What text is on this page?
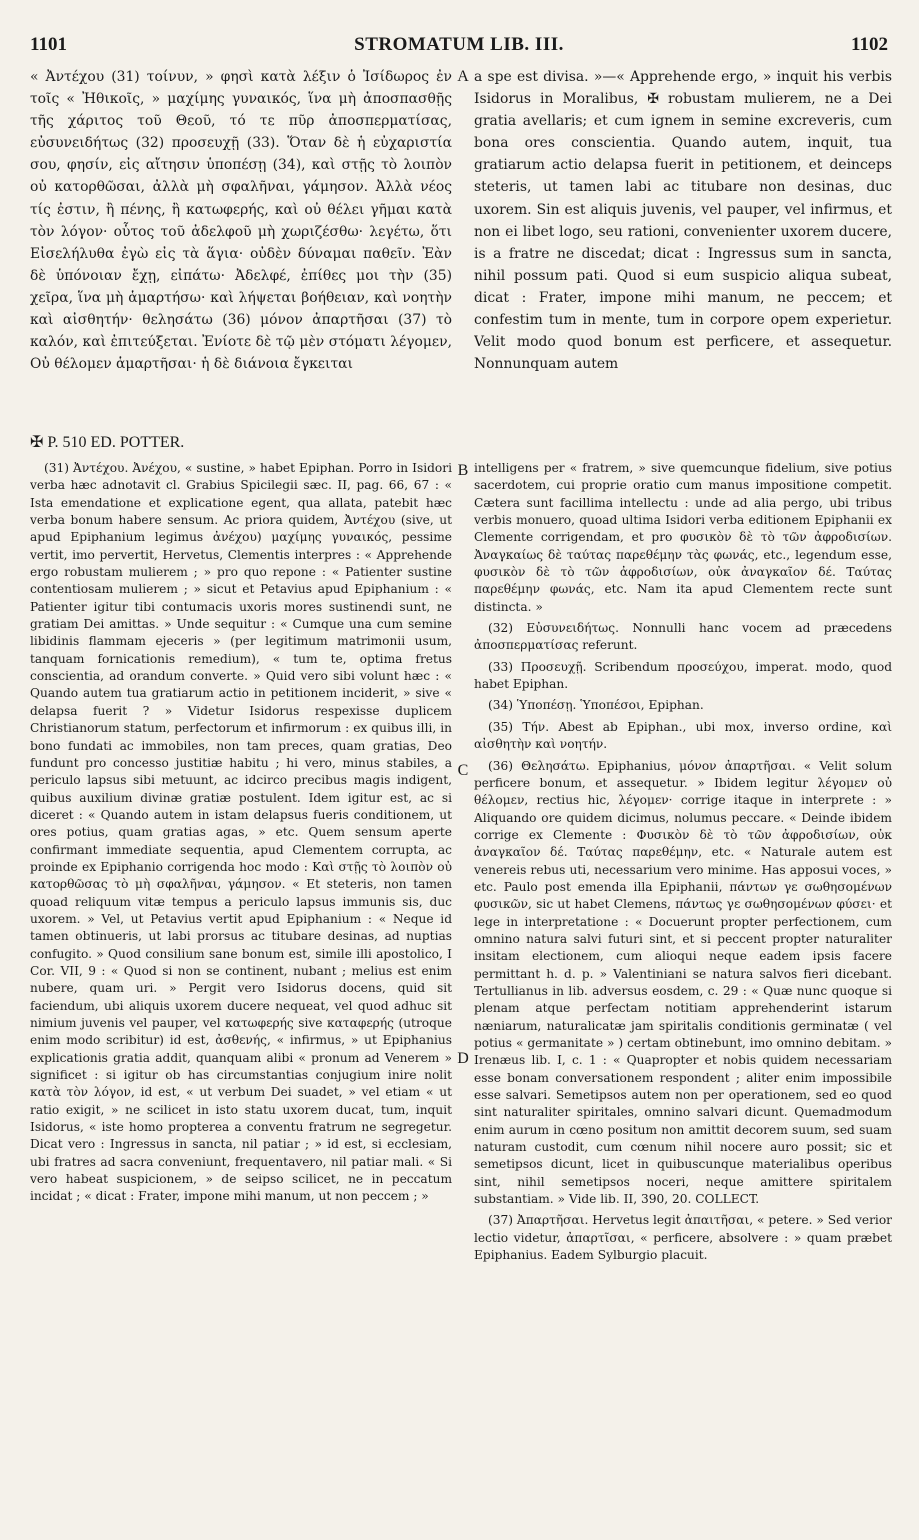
1101	STROMATUM LIB. III.	1102

« Ἀντέχου (31) τοίνυν, » φησὶ κατὰ λέξιν ὁ Ἰσίδωρος ἐν τοῖς « Ἠθικοῖς, » μαχίμης γυναικός, ἵνα μὴ ἀποσπασθῇς τῆς χάριτος τοῦ Θεοῦ, τό τε πῦρ ἀποσπερματίσας, εὐσυνειδήτως (32) προσευχῇ (33). Ὅταν δὲ ἡ εὐχαριστία σου, φησίν, εἰς αἴτησιν ὑποπέσῃ (34), καὶ στῇς τὸ λοιπὸν οὐ κατορθῶσαι, ἀλλὰ μὴ σφαλῆναι, γάμησον. Ἀλλὰ νέος τίς ἐστιν, ἢ πένης, ἢ κατωφερής, καὶ οὐ θέλει γῆμαι κατὰ τὸν λόγον· οὗτος τοῦ ἀδελφοῦ μὴ χωριζέσθω· λεγέτω, ὅτι Εἰσελήλυθα ἐγὼ εἰς τὰ ἅγια· οὐδὲν δύναμαι παθεῖν. Ἐὰν δὲ ὑπόνοιαν ἔχῃ, εἰπάτω· Ἀδελφέ, ἐπίθες μοι τὴν (35) χεῖρα, ἵνα μὴ ἁμαρτήσω· καὶ λήψεται βοήθειαν, καὶ νοητὴν καὶ αἰσθητήν· θελησάτω (36) μόνον ἀπαρτῆσαι (37) τὸ καλόν, καὶ ἐπιτεύξεται. Ἐνίοτε δὲ τῷ μὲν στόματι λέγομεν, Οὐ θέλομεν ἁμαρτῆσαι· ἡ δὲ διάνοια ἔγκειται

a spe est divisa. »—« Apprehende ergo, » inquit his verbis Isidorus in Moralibus, ✠ robustam mulierem, ne a Dei gratia avellaris; et cum ignem in semine excreveris, cum bona ores conscientia. Quando autem, inquit, tua gratiarum actio delapsa fuerit in petitionem, et deinceps steteris, ut tamen labi ac titubare non desinas, duc uxorem. Sin est aliquis juvenis, vel pauper, vel infirmus, et non ei libet logo, seu rationi, convenienter uxorem ducere, is a fratre ne discedat; dicat : Ingressus sum in sancta, nihil possum pati. Quod si eum suspicio aliqua subeat, dicat : Frater, impone mihi manum, ne peccem; et confestim tum in mente, tum in corpore opem experietur. Velit modo quod bonum est perficere, et assequetur. Nonnunquam autem

✠ P. 510 ED. POTTER.

(31) Ἀντέχου. Ἀνέχου, « sustine, » habet Epiphan. Porro in Isidori verba hæc adnotavit cl. Grabius Spicilegii sæc. II, pag. 66, 67 : « Ista emendatione et explicatione egent, qua allata, patebit hæc verba bonum habere sensum. Ac priora quidem, Ἀντέχου (sive, ut apud Epiphanium legimus ἀνέχου) μαχίμης γυναικός, pessime vertit, imo pervertit, Hervetus, Clementis interpres : « Apprehende ergo robustam mulierem ; » pro quo repone : « Patienter sustine contentiosam mulierem ; » sicut et Petavius apud Epiphanium : « Patienter igitur tibi contumacis uxoris mores sustinendi sunt, ne gratiam Dei amittas. » Unde sequitur : « Cumque una cum semine libidinis flammam ejeceris » (per legitimum matrimonii usum, tanquam fornicationis remedium), « tum te, optima fretus conscientia, ad orandum converte. » Quid vero sibi volunt hæc : « Quando autem tua gratiarum actio in petitionem inciderit, » sive « delapsa fuerit ? » Videtur Isidorus respexisse duplicem Christianorum statum, perfectorum et infirmorum : ex quibus illi, in bono fundati ac immobiles, non tam preces, quam gratias, Deo fundunt pro concesso justitiæ habitu ; hi vero, minus stabiles, a periculo lapsus sibi metuunt, ac idcirco precibus magis indigent, quibus auxilium divinæ gratiæ postulent. Idem igitur est, ac si diceret : « Quando autem in istam delapsus fueris conditionem, ut ores potius, quam gratias agas, » etc. Quem sensum aperte confirmant immediate sequentia, apud Clementem corrupta, ac proinde ex Epiphanio corrigenda hoc modo : Καὶ στῇς τὸ λοιπὸν οὐ κατορθῶσας τὸ μὴ σφαλῆναι, γάμησον. « Et steteris, non tamen quoad reliquum vitæ tempus a periculo lapsus immunis sis, duc uxorem. » Vel, ut Petavius vertit apud Epiphanium : « Neque id tamen obtinueris, ut labi prorsus ac titubare desinas, ad nuptias confugito. » Quod consilium sane bonum est, simile illi apostolico, I Cor. VII, 9 : « Quod si non se continent, nubant ; melius est enim nubere, quam uri. » Pergit vero Isidorus docens, quid sit faciendum, ubi aliquis uxorem ducere nequeat, vel quod adhuc sit nimium juvenis vel pauper, vel κατωφερής sive καταφερής (utroque enim modo scribitur) id est, ἀσθενής, « infirmus, » ut Epiphanius explicationis gratia addit, quanquam alibi « pronum ad Venerem » significet : si igitur ob has circumstantias conjugium inire nolit κατὰ τὸν λόγον, id est, « ut verbum Dei suadet, » vel etiam « ut ratio exigit, » ne scilicet in isto statu uxorem ducat, tum, inquit Isidorus, « iste homo propterea a conventu fratrum ne segregetur. Dicat vero : Ingressus in sancta, nil patiar ; » id est, si ecclesiam, ubi fratres ad sacra conveniunt, frequentavero, nil patiar mali. « Si vero habeat suspicionem, » de seipso scilicet, ne in peccatum incidat ; « dicat : Frater, impone mihi manum, ut non peccem ; »

intelligens per « fratrem, » sive quemcunque fidelium, sive potius sacerdotem, cui proprie oratio cum manus impositione competit. Cætera sunt facillima intellectu : unde ad alia pergo, ubi tribus verbis monuero, quoad ultima Isidori verba editionem Epiphanii ex Clemente corrigendam, et pro φυσικὸν δὲ τὸ τῶν ἀφροδισίων. Ἀναγκαίως δὲ ταύτας παρεθέμην τὰς φωνάς, etc., legendum esse, φυσικὸν δὲ τὸ τῶν ἀφροδισίων, οὐκ ἀναγκαῖον δέ. Ταύτας παρεθέμην φωνάς, etc. Nam ita apud Clementem recte sunt distincta. »

(32) Εὐσυνειδήτως. Nonnulli hanc vocem ad præcedens ἀποσπερματίσας referunt.

(33) Προσευχῇ. Scribendum προσεύχου, imperat. modo, quod habet Epiphan.

(34) Ὑποπέσῃ. Ὑποπέσοι, Epiphan.

(35) Τήν. Abest ab Epiphan., ubi mox, inverso ordine, καὶ αἰσθητὴν καὶ νοητήν.

(36) Θελησάτω. Epiphanius, μόνον ἀπαρτῆσαι. « Velit solum perficere bonum, et assequetur. » Ibidem legitur λέγομεν οὐ θέλομεν, rectius hic, λέγομεν· corrige itaque in interprete : » Aliquando ore quidem dicimus, nolumus peccare. « Deinde ibidem corrige ex Clemente : Φυσικὸν δὲ τὸ τῶν ἀφροδισίων, οὐκ ἀναγκαῖον δέ. Ταύτας παρεθέμην, etc. « Naturale autem est venereis rebus uti, necessarium vero minime. Has apposui voces, » etc. Paulo post emenda illa Epiphanii, πάντων γε σωθησομένων φυσικῶν, sic ut habet Clemens, πάντως γε σωθησομένων φύσει· et lege in interpretatione : « Docuerunt propter perfectionem, cum omnino natura salvi futuri sint, et si peccent propter naturaliter insitam electionem, cum alioqui neque eadem ipsis facere permittant h. d. p. » Valentiniani se natura salvos fieri dicebant. Tertullianus in lib. adversus eosdem, c. 29 : « Quæ nunc quoque si plenam atque perfectam notitiam apprehenderint istarum næniarum, naturalicatæ jam spiritalis conditionis germinatæ ( vel potius « germanitate » ) certam obtinebunt, imo omnino debitam. » Irenæus lib. I, c. 1 : « Quapropter et nobis quidem necessariam esse bonam conversationem respondent ; aliter enim impossibile esse salvari. Semetipsos autem non per operationem, sed eo quod sint naturaliter spiritales, omnino salvari dicunt. Quemadmodum enim aurum in cœno positum non amittit decorem suum, sed suam naturam custodit, cum cœnum nihil nocere auro possit; sic et semetipsos dicunt, licet in quibuscunque materialibus operibus sint, nihil semetipsos noceri, neque amittere spiritalem substantiam. » Vide lib. II, 390, 20. COLLECT.

(37) Ἀπαρτῆσαι. Hervetus legit ἀπαιτῆσαι, « petere. » Sed verior lectio videtur, ἀπαρτῖσαι, « perficere, absolvere : » quam præbet Epiphanius. Eadem Sylburgio placuit.

A
B
C
D
